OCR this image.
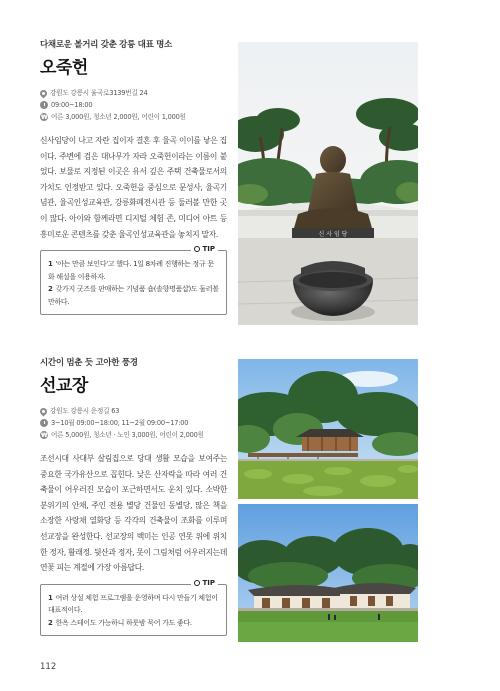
다채로운 볼거리 갖춘 강릉 대표 명소
오죽헌
강원도 강릉시 율곡로3139번길 24
09:00~18:00
₩
어른 3,000원, 청소년 2,000원, 어린이 1,000원

신사임당이 나고 자란 집이자 결혼 후 율곡 이이를 낳은 집이다. 주변에 검은 대나무가 자라 오죽헌이라는 이름이 붙었다. 보물로 지정된 이곳은 유서 깊은 주택 건축물로서의 가치도 인정받고 있다. 오죽헌을 중심으로 문성사, 율곡기념관, 율곡인성교육관, 강릉화폐전시관 등 둘러볼 만한 곳이 많다. 아이와 함께라면 디지털 체험 존, 미디어 아트 등 흥미로운 콘텐츠를 갖춘 율곡인성교육관을 놓치지 말자.

TIP
1 '아는 만큼 보인다'고 했다. 1일 8차례 진행하는 정규 문화 해설을 이용하자.
2 갖가지 굿즈를 판매하는 기념품 숍(솔향명품샵)도 둘러볼 만하다.
신 사 임 당
시간이 멈춘 듯 고아한 풍경
선교장
강원도 강릉시 운정길 63
3~10월 09:00~18:00, 11~2월 09:00~17:00
₩
어른 5,000원, 청소년 · 노인 3,000원, 어린이 2,000원

조선시대 사대부 살림집으로 당대 생활 모습을 보여주는 중요한 국가유산으로 꼽힌다. 낮은 산자락을 따라 여러 건축물이 어우러진 모습이 포근하면서도 운치 있다. 소박한 분위기의 안채, 주인 전용 별당 건물인 동별당, 많은 책을 소장한 사랑채 열화당 등 각각의 건축물이 조화를 이루며 선교장을 완성한다. 선교장의 백미는 인공 연못 위에 위치한 정자, 활래정. 뒷산과 정자, 못이 그림처럼 어우러지는데 연꽃 피는 계절에 가장 아름답다.

TIP
1 여러 상설 체험 프로그램을 운영하며 다시 만들기 체험이 대표적이다.
2 한옥 스테이도 가능하니 하룻밤 묵어 가도 좋다.
112
